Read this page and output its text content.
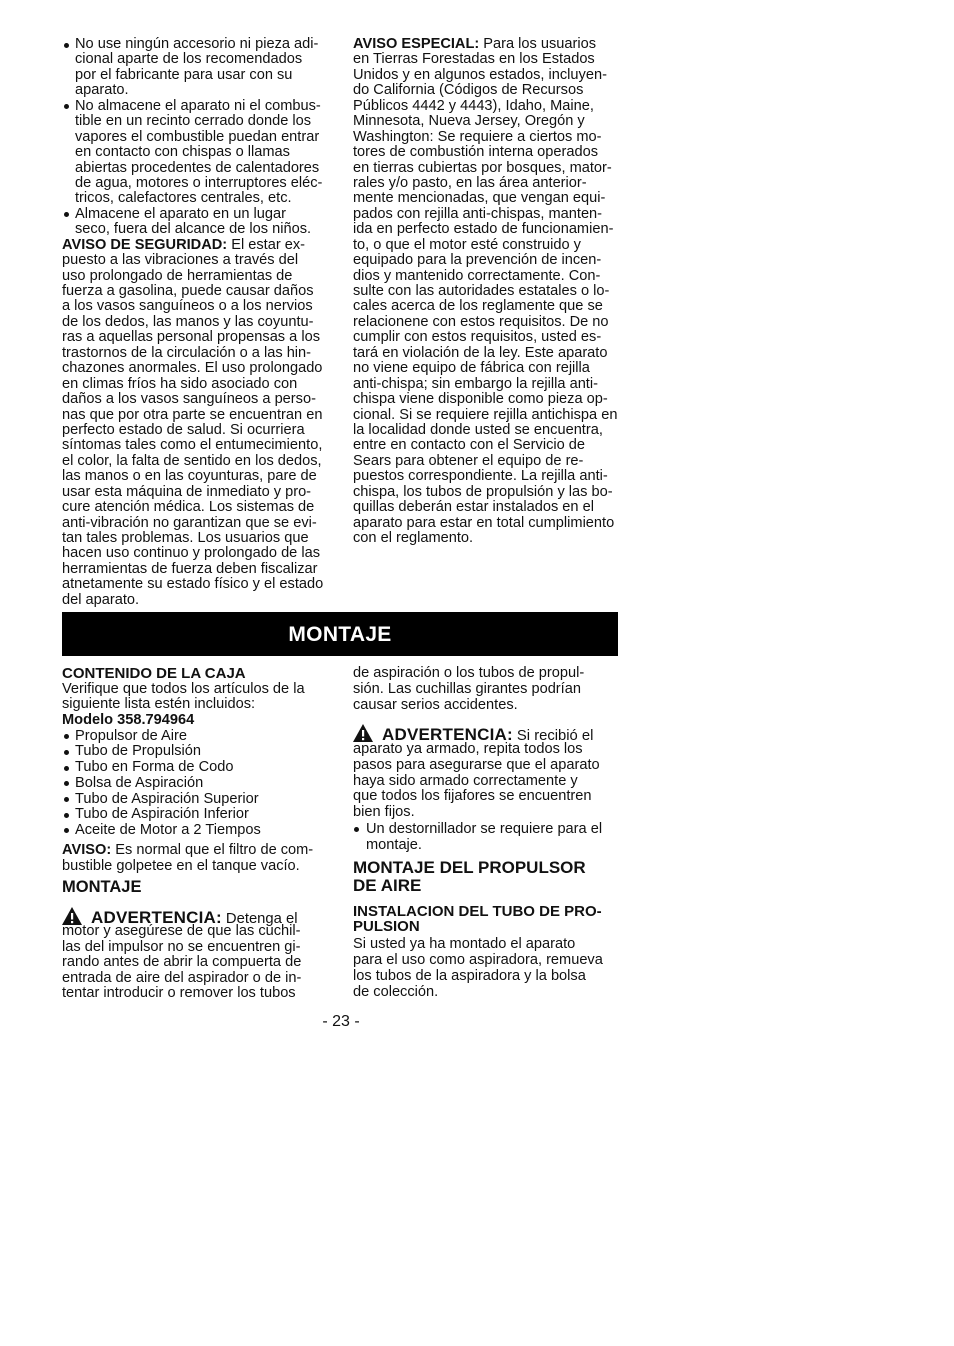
No use ningún accesorio ni pieza adi-
cional aparte de los recomendados
por el fabricante para usar con su
aparato.
No almacene el aparato ni el combus-
tible en un recinto cerrado donde los
vapores el combustible puedan entrar
en contacto con chispas o llamas
abiertas procedentes de calentadores
de agua, motores o interruptores eléc-
tricos, calefactores centrales, etc.
Almacene el aparato en un lugar
seco, fuera del alcance de los niños.
AVISO DE SEGURIDAD: El estar ex-
puesto a las vibraciones a través del
uso prolongado de herramientas de
fuerza a gasolina, puede causar daños
a los vasos sanguíneos o a los nervios
de los dedos, las manos y las coyuntu-
ras a aquellas personal propensas a los
trastornos de la circulación o a las hin-
chazones anormales. El uso prolongado
en climas fríos ha sido asociado con
daños a los vasos sanguíneos a perso-
nas que por otra parte se encuentran en
perfecto estado de salud. Si ocurriera
síntomas tales como el entumecimiento,
el color, la falta de sentido en los dedos,
las manos o en las coyunturas, pare de
usar esta máquina de inmediato y pro-
cure atención médica. Los sistemas de
anti-vibración no garantizan que se evi-
tan tales problemas. Los usuarios que
hacen uso continuo y prolongado de las
herramientas de fuerza deben fiscalizar
atnetamente su estado físico y el estado
del aparato.
AVISO ESPECIAL: Para los usuarios
en Tierras Forestadas en los Estados
Unidos y en algunos estados, incluyen-
do California (Códigos de Recursos
Públicos 4442 y 4443), Idaho, Maine,
Minnesota, Nueva Jersey, Oregón y
Washington: Se requiere a ciertos mo-
tores de combustión interna operados
en tierras cubiertas por bosques, mator-
rales y/o pasto, en las área anterior-
mente mencionadas, que vengan equi-
pados con rejilla anti-chispas, manten-
ida en perfecto estado de funcionamien-
to, o que el motor esté construido y
equipado para la prevención de incen-
dios y mantenido correctamente. Con-
sulte con las autoridades estatales o lo-
cales acerca de los reglamente que se
relacionene con estos requisitos. De no
cumplir con estos requisitos, usted es-
tará en violación de la ley. Este aparato
no viene equipo de fábrica con rejilla
anti-chispa; sin embargo la rejilla anti-
chispa viene disponible como pieza op-
cional. Si se requiere rejilla antichispa en
la localidad donde usted se encuentra,
entre en contacto con el Servicio de
Sears para obtener el equipo de re-
puestos correspondiente. La rejilla anti-
chispa, los tubos de propulsión y las bo-
quillas deberán estar instalados en el
aparato para estar en total cumplimiento
con el reglamento.
MONTAJE
CONTENIDO DE LA CAJA
Verifique que todos los artículos de la
siguiente lista estén incluidos:
Modelo 358.794964
Propulsor de Aire
Tubo de Propulsión
Tubo en Forma de Codo
Bolsa de Aspiración
Tubo de Aspiración Superior
Tubo de Aspiración Inferior
Aceite de Motor a 2 Tiempos
AVISO: Es normal que el filtro de com-
bustible golpetee en el tanque vacío.
MONTAJE
ADVERTENCIA: Detenga el
motor y asegúrese de que las cuchil-
las del impulsor no se encuentren gi-
rando antes de abrir la compuerta de
entrada de aire del aspirador o de in-
tentar introducir o remover los tubos
de aspiración o los tubos de propul-
sión. Las cuchillas girantes podrían
causar serios accidentes.
ADVERTENCIA: Si recibió el
aparato ya armado, repita todos los
pasos para asegurarse que el aparato
haya sido armado correctamente y
que todos los fijafores se encuentren
bien fijos.
Un destornillador se requiere para el
montaje.
MONTAJE DEL PROPULSOR
DE AIRE
INSTALACION DEL TUBO DE PRO-
PULSION
Si usted ya ha montado el aparato
para el uso como aspiradora, remueva
los tubos de la aspiradora y la bolsa
de colección.
- 23 -
